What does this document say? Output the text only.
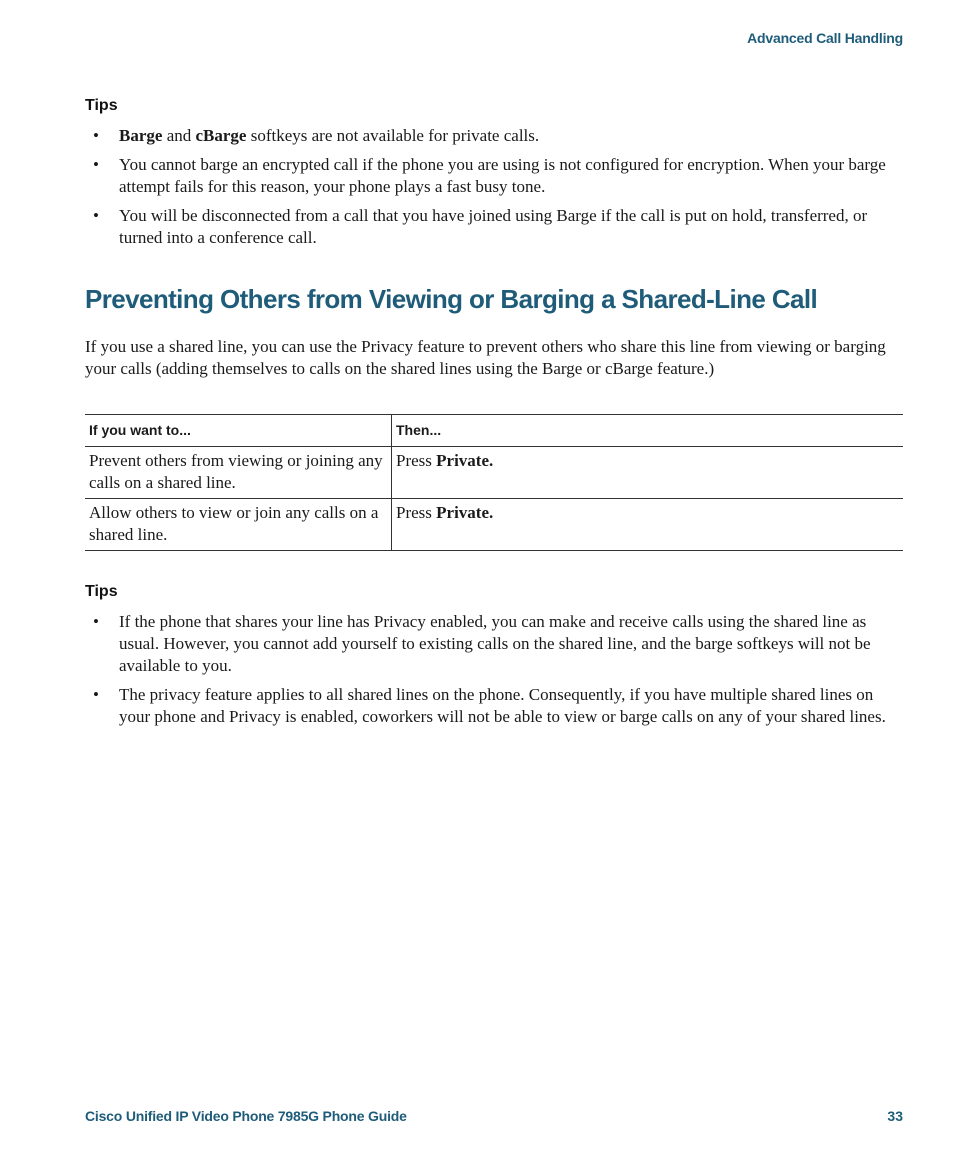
Advanced Call Handling
Tips
• Barge and cBarge softkeys are not available for private calls.
• You cannot barge an encrypted call if the phone you are using is not configured for encryption. When your barge attempt fails for this reason, your phone plays a fast busy tone.
• You will be disconnected from a call that you have joined using Barge if the call is put on hold, transferred, or turned into a conference call.
Preventing Others from Viewing or Barging a Shared-Line Call

If you use a shared line, you can use the Privacy feature to prevent others who share this line from viewing or barging your calls (adding themselves to calls on the shared lines using the Barge or cBarge feature.)

If you want to...	Then...
Prevent others from viewing or joining any calls on a shared line.	Press Private.
Allow others to view or join any calls on a shared line.	Press Private.
Tips
• If the phone that shares your line has Privacy enabled, you can make and receive calls using the shared line as usual. However, you cannot add yourself to existing calls on the shared line, and the barge softkeys will not be available to you.
• The privacy feature applies to all shared lines on the phone. Consequently, if you have multiple shared lines on your phone and Privacy is enabled, coworkers will not be able to view or barge calls on any of your shared lines.
Cisco Unified IP Video Phone 7985G Phone Guide	33
